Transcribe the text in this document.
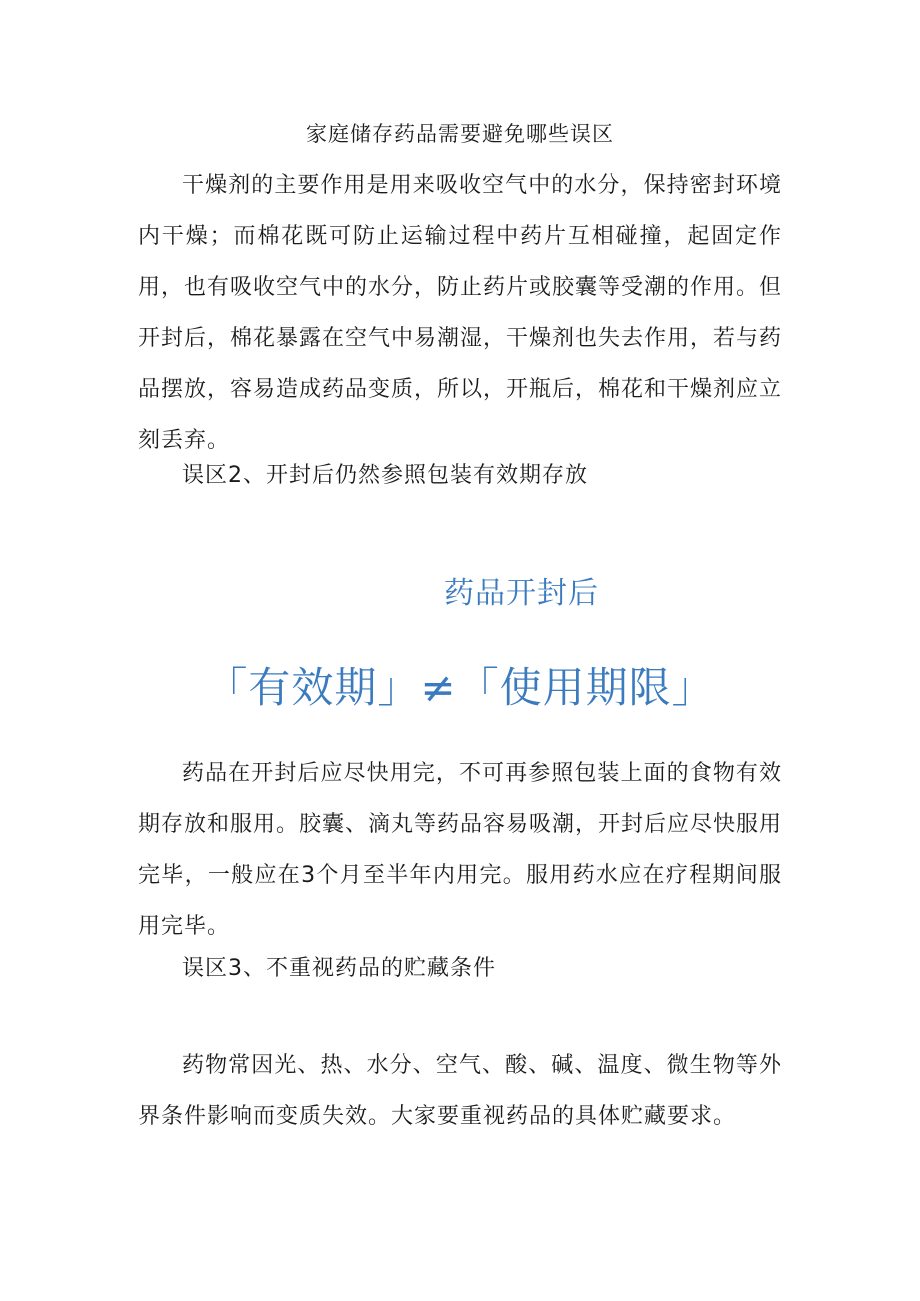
家庭储存药品需要避免哪些误区

干燥剂的主要作用是用来吸收空气中的水分，保持密封环境内干燥；而棉花既可防止运输过程中药片互相碰撞，起固定作用，也有吸收空气中的水分，防止药片或胶囊等受潮的作用。但开封后，棉花暴露在空气中易潮湿，干燥剂也失去作用，若与药品摆放，容易造成药品变质，所以，开瓶后，棉花和干燥剂应立刻丢弃。

误区2、开封后仍然参照包装有效期存放

药品开封后
「有效期」≠「使用期限」

药品在开封后应尽快用完，不可再参照包装上面的食物有效期存放和服用。胶囊、滴丸等药品容易吸潮，开封后应尽快服用完毕，一般应在3个月至半年内用完。服用药水应在疗程期间服用完毕。

误区3、不重视药品的贮藏条件

药物常因光、热、水分、空气、酸、碱、温度、微生物等外界条件影响而变质失效。大家要重视药品的具体贮藏要求。
